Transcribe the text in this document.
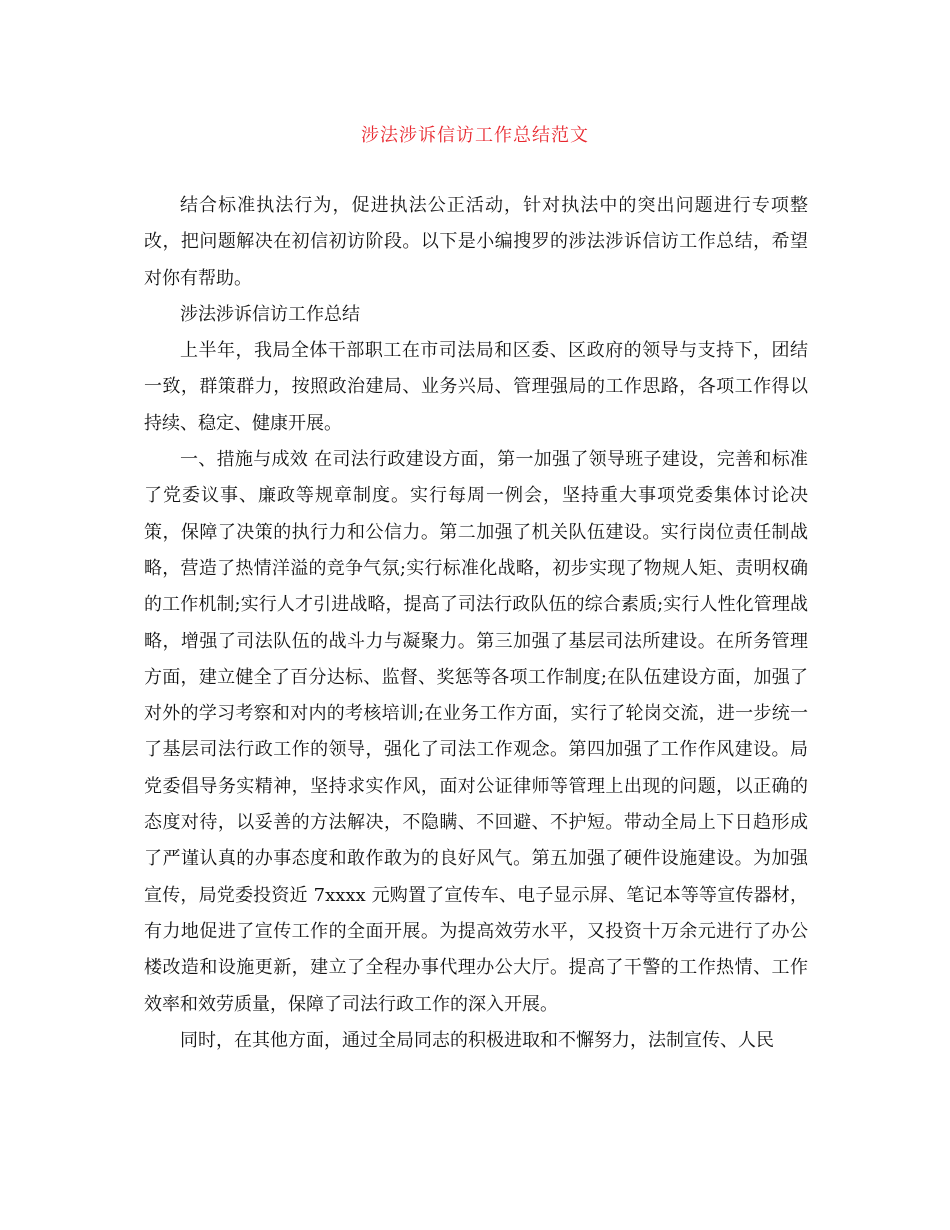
涉法涉诉信访工作总结范文

结合标准执法行为，促进执法公正活动，针对执法中的突出问题进行专项整改，把问题解决在初信初访阶段。以下是小编搜罗的涉法涉诉信访工作总结，希望对你有帮助。

涉法涉诉信访工作总结

上半年，我局全体干部职工在市司法局和区委、区政府的领导与支持下，团结一致，群策群力，按照政治建局、业务兴局、管理强局的工作思路，各项工作得以持续、稳定、健康开展。

一、措施与成效 在司法行政建设方面，第一加强了领导班子建设，完善和标准了党委议事、廉政等规章制度。实行每周一例会，坚持重大事项党委集体讨论决策，保障了决策的执行力和公信力。第二加强了机关队伍建设。实行岗位责任制战略，营造了热情洋溢的竞争气氛;实行标准化战略，初步实现了物规人矩、责明权确的工作机制;实行人才引进战略，提高了司法行政队伍的综合素质;实行人性化管理战略，增强了司法队伍的战斗力与凝聚力。第三加强了基层司法所建设。在所务管理方面，建立健全了百分达标、监督、奖惩等各项工作制度;在队伍建设方面，加强了对外的学习考察和对内的考核培训;在业务工作方面，实行了轮岗交流，进一步统一了基层司法行政工作的领导，强化了司法工作观念。第四加强了工作作风建设。局党委倡导务实精神，坚持求实作风，面对公证律师等管理上出现的问题，以正确的态度对待，以妥善的方法解决，不隐瞒、不回避、不护短。带动全局上下日趋形成了严谨认真的办事态度和敢作敢为的良好风气。第五加强了硬件设施建设。为加强宣传，局党委投资近 7xxxx 元购置了宣传车、电子显示屏、笔记本等等宣传器材，有力地促进了宣传工作的全面开展。为提高效劳水平，又投资十万余元进行了办公楼改造和设施更新，建立了全程办事代理办公大厅。提高了干警的工作热情、工作效率和效劳质量，保障了司法行政工作的深入开展。

同时，在其他方面，通过全局同志的积极进取和不懈努力，法制宣传、人民
